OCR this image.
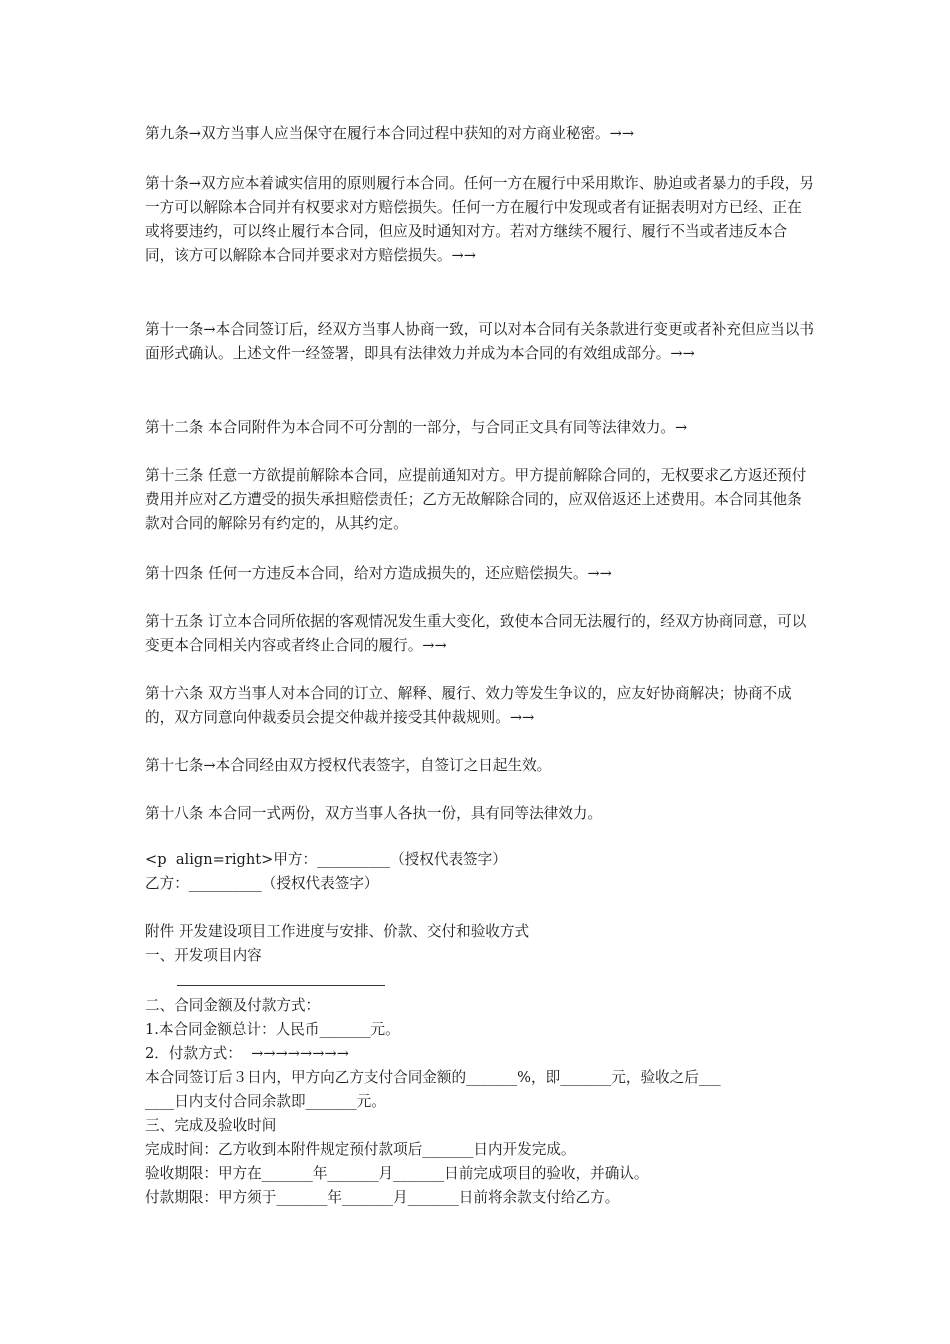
第九条→双方当事人应当保守在履行本合同过程中获知的对方商业秘密。→→
第十条→双方应本着诚实信用的原则履行本合同。任何一方在履行中采用欺诈、胁迫或者暴力的手段，另一方可以解除本合同并有权要求对方赔偿损失。任何一方在履行中发现或者有证据表明对方已经、正在或将要违约，可以终止履行本合同，但应及时通知对方。若对方继续不履行、履行不当或者违反本合同，该方可以解除本合同并要求对方赔偿损失。→→
第十一条→本合同签订后，经双方当事人协商一致，可以对本合同有关条款进行变更或者补充但应当以书面形式确认。上述文件一经签署，即具有法律效力并成为本合同的有效组成部分。→→
第十二条 本合同附件为本合同不可分割的一部分，与合同正文具有同等法律效力。→
第十三条 任意一方欲提前解除本合同，应提前通知对方。甲方提前解除合同的，无权要求乙方返还预付费用并应对乙方遭受的损失承担赔偿责任；乙方无故解除合同的，应双倍返还上述费用。本合同其他条款对合同的解除另有约定的，从其约定。
第十四条 任何一方违反本合同，给对方造成损失的，还应赔偿损失。→→
第十五条 订立本合同所依据的客观情况发生重大变化，致使本合同无法履行的，经双方协商同意，可以变更本合同相关内容或者终止合同的履行。→→
第十六条 双方当事人对本合同的订立、解释、履行、效力等发生争议的，应友好协商解决；协商不成的，双方同意向仲裁委员会提交仲裁并接受其仲裁规则。→→
第十七条→本合同经由双方授权代表签字，自签订之日起生效。
第十八条 本合同一式两份，双方当事人各执一份，具有同等法律效力。
<p  align=right>甲方：__________（授权代表签字）
乙方：__________（授权代表签字）
附件 开发建设项目工作进度与安排、价款、交付和验收方式
一、开发项目内容
二、合同金额及付款方式：
1.本合同金额总计：人民币_______元。
2．付款方式：  →→→→→→→→
本合同签订后３日内，甲方向乙方支付合同金额的_______%，即_______元，验收之后___
____日内支付合同余款即_______元。
三、完成及验收时间
完成时间：乙方收到本附件规定预付款项后_______日内开发完成。
验收期限：甲方在_______年_______月_______日前完成项目的验收，并确认。
付款期限：甲方须于_______年_______月_______日前将余款支付给乙方。
